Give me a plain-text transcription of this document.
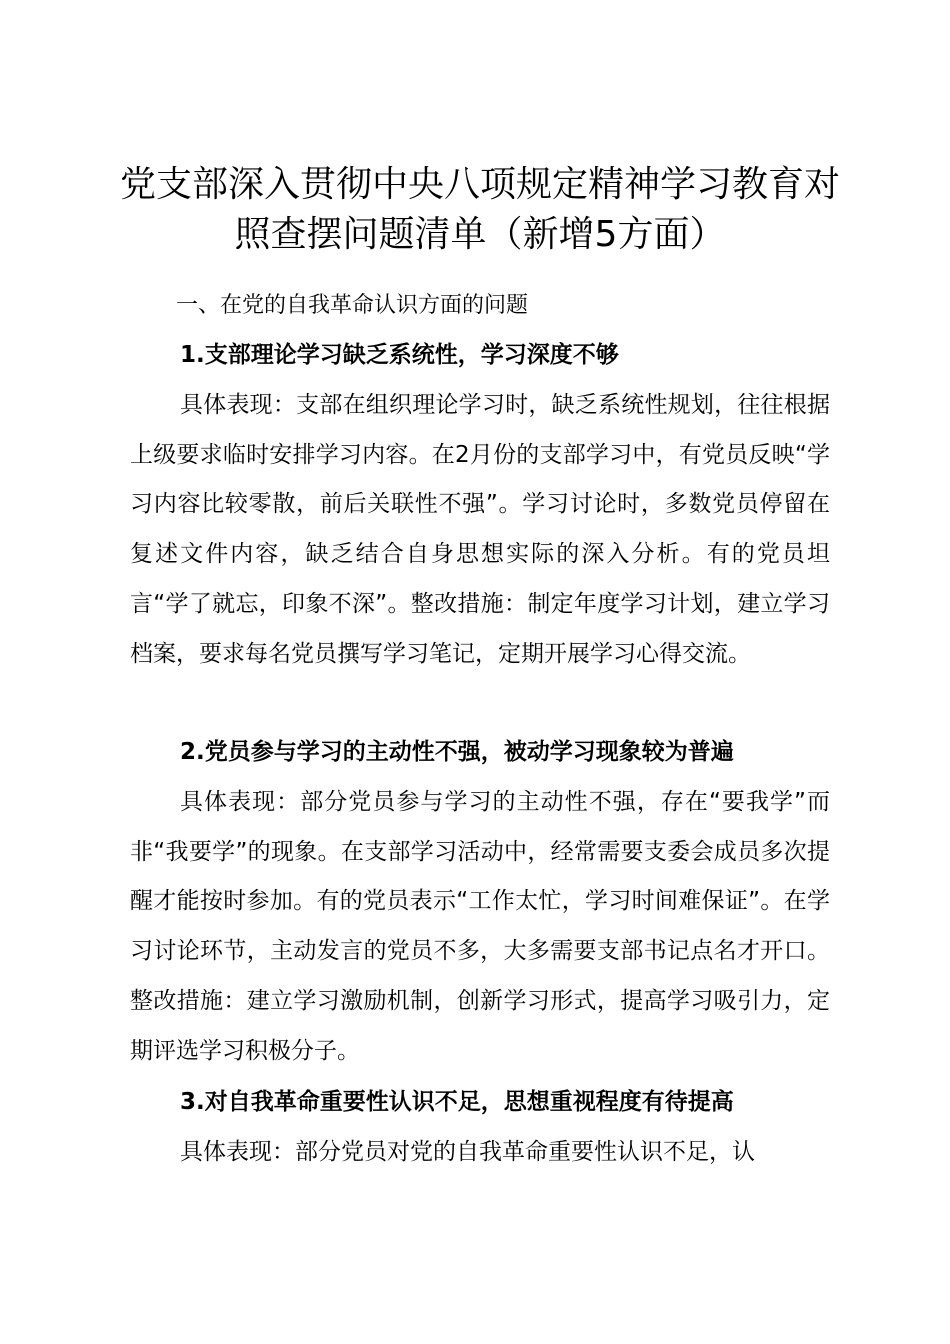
党支部深入贯彻中央八项规定精神学习教育对照查摆问题清单（新增5方面）

一、在党的自我革命认识方面的问题

1.支部理论学习缺乏系统性，学习深度不够

具体表现：支部在组织理论学习时，缺乏系统性规划，往往根据上级要求临时安排学习内容。在2月份的支部学习中，有党员反映“学习内容比较零散，前后关联性不强”。学习讨论时，多数党员停留在复述文件内容，缺乏结合自身思想实际的深入分析。有的党员坦言“学了就忘，印象不深”。整改措施：制定年度学习计划，建立学习档案，要求每名党员撰写学习笔记，定期开展学习心得交流。

2.党员参与学习的主动性不强，被动学习现象较为普遍

具体表现：部分党员参与学习的主动性不强，存在“要我学”而非“我要学”的现象。在支部学习活动中，经常需要支委会成员多次提醒才能按时参加。有的党员表示“工作太忙，学习时间难保证”。在学习讨论环节，主动发言的党员不多，大多需要支部书记点名才开口。整改措施：建立学习激励机制，创新学习形式，提高学习吸引力，定期评选学习积极分子。

3.对自我革命重要性认识不足，思想重视程度有待提高

具体表现：部分党员对党的自我革命重要性认识不足，认
